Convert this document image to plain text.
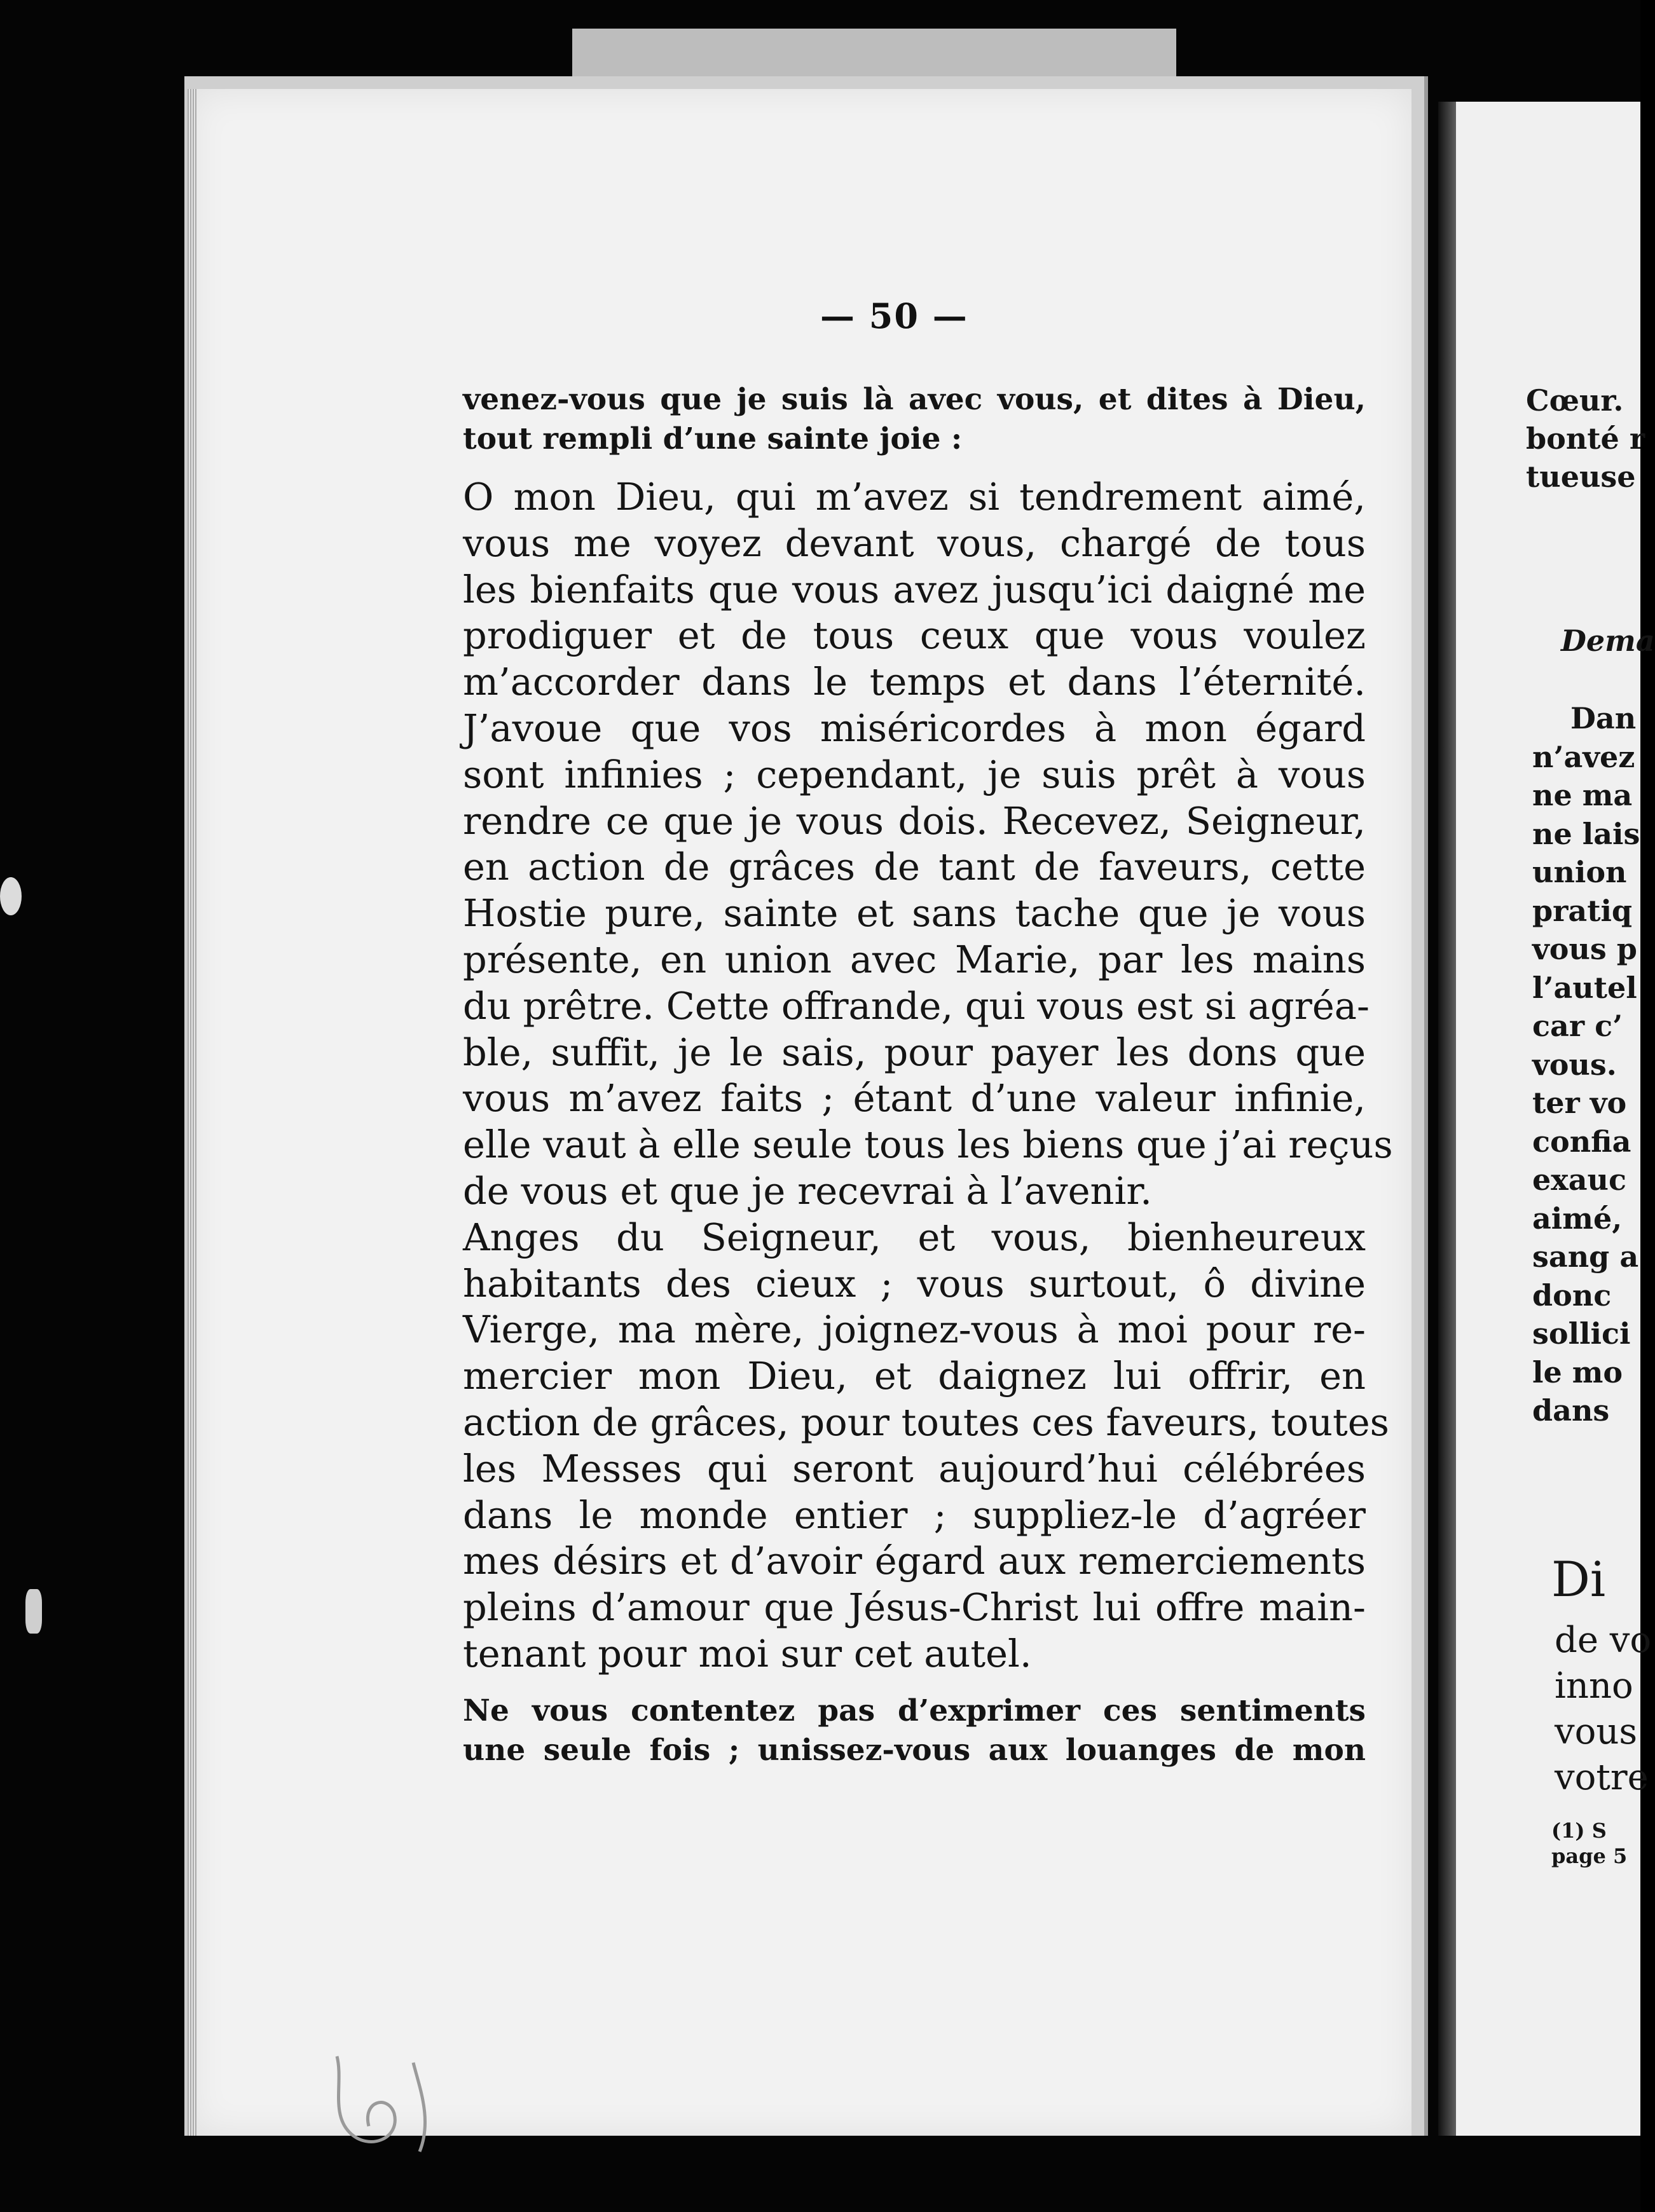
— 50 —
venez-vous que je suis là avec vous, et dites à Dieu,
tout rempli d’une sainte joie :
O mon Dieu, qui m’avez si tendrement aimé,
vous me voyez devant vous, chargé de tous
les bienfaits que vous avez jusqu’ici daigné me
prodiguer et de tous ceux que vous voulez
m’accorder dans le temps et dans l’éternité.
J’avoue que vos miséricordes à mon égard
sont infinies ; cependant, je suis prêt à vous
rendre ce que je vous dois. Recevez, Seigneur,
en action de grâces de tant de faveurs, cette
Hostie pure, sainte et sans tache que je vous
présente, en union avec Marie, par les mains
du prêtre. Cette offrande, qui vous est si agréa-
ble, suffit, je le sais, pour payer les dons que
vous m’avez faits ; étant d’une valeur infinie,
elle vaut à elle seule tous les biens que j’ai reçus
de vous et que je recevrai à l’avenir.
Anges du Seigneur, et vous, bienheureux
habitants des cieux ; vous surtout, ô divine
Vierge, ma mère, joignez-vous à moi pour re-
mercier mon Dieu, et daignez lui offrir, en
action de grâces, pour toutes ces faveurs, toutes
les Messes qui seront aujourd’hui célébrées
dans le monde entier ; suppliez-le d’agréer
mes désirs et d’avoir égard aux remerciements
pleins d’amour que Jésus-Christ lui offre main-
tenant pour moi sur cet autel.
Ne vous contentez pas d’exprimer ces sentiments
une seule fois ; unissez-vous aux louanges de mon
Cœur.
bonté r
tueuse
Dema
Dan
n’avez
ne ma
ne lais
union
pratiq
vous p
l’autel
car c’
vous.
ter vo
confia
exauc
aimé,
sang a
donc
sollici
le mo
dans
Di
de vo
inno
vous
votre
(1) S
page 5
